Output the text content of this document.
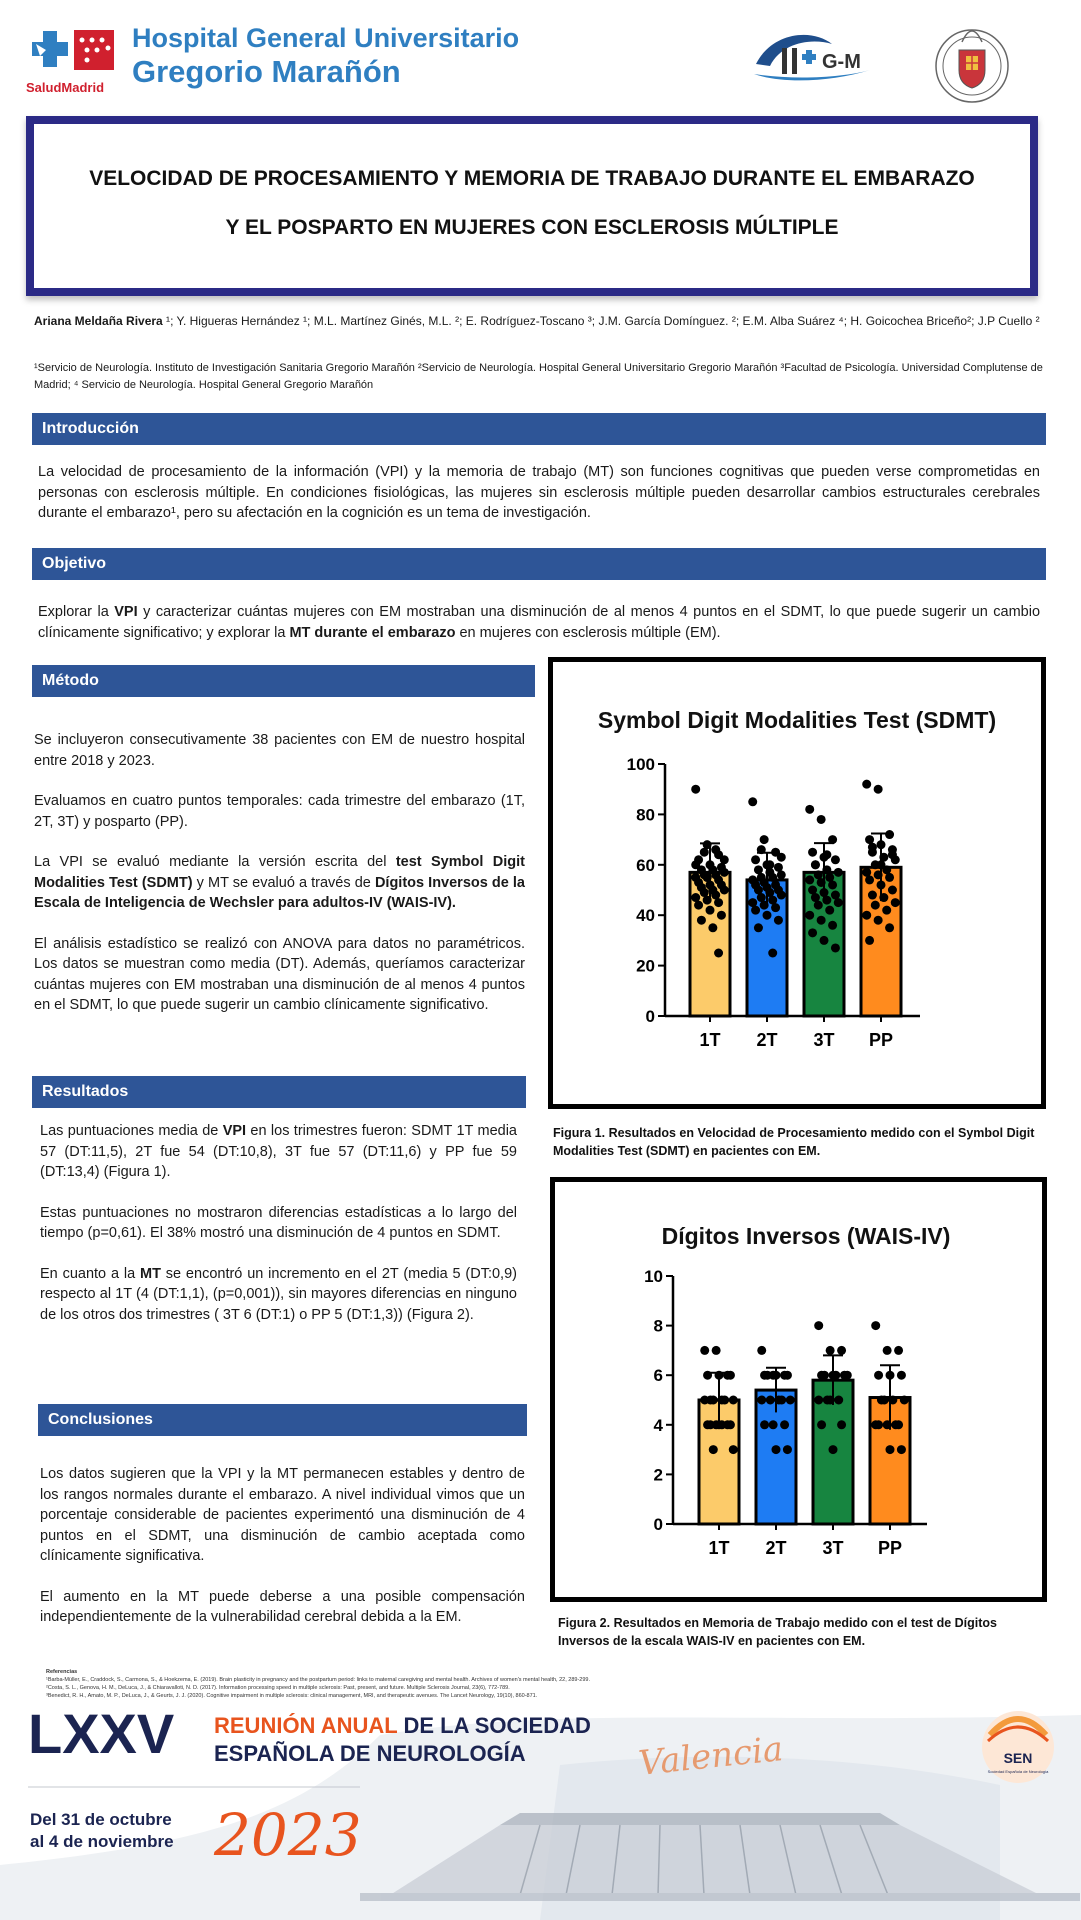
SaludMadrid
Hospital General Universitario
Gregorio Marañón	G-M
VELOCIDAD DE PROCESAMIENTO Y MEMORIA DE TRABAJO DURANTE EL EMBARAZO
Y EL POSPARTO EN MUJERES CON ESCLEROSIS MÚLTIPLE
Ariana Meldaña Rivera ¹; Y. Higueras Hernández ¹; M.L. Martínez Ginés, M.L. ²; E. Rodríguez-Toscano ³; J.M. García Domínguez. ²; E.M. Alba Suárez ⁴; H. Goicochea Briceño²; J.P Cuello ²
¹Servicio de Neurología. Instituto de Investigación Sanitaria Gregorio Marañón ²Servicio de Neurología. Hospital General Universitario Gregorio Marañón ³Facultad de Psicología. Universidad Complutense de Madrid; ⁴ Servicio de Neurología. Hospital General Gregorio Marañón
Introducción
La velocidad de procesamiento de la información (VPI) y la memoria de trabajo (MT) son funciones cognitivas que pueden verse comprometidas en personas con esclerosis múltiple. En condiciones fisiológicas, las mujeres sin esclerosis múltiple pueden desarrollar cambios estructurales cerebrales durante el embarazo¹, pero su afectación en la cognición es un tema de investigación.
Objetivo
Explorar la VPI y caracterizar cuántas mujeres con EM mostraban una disminución de al menos 4 puntos en el SDMT, lo que puede sugerir un cambio clínicamente significativo; y explorar la MT durante el embarazo en mujeres con esclerosis múltiple (EM).
Método
Se incluyeron consecutivamente 38 pacientes con EM de nuestro hospital entre 2018 y 2023.
Evaluamos en cuatro puntos temporales: cada trimestre del embarazo (1T, 2T, 3T) y posparto (PP).
La VPI se evaluó mediante la versión escrita del test Symbol Digit Modalities Test (SDMT) y MT se evaluó a través de Dígitos Inversos de la Escala de Inteligencia de Wechsler para adultos-IV (WAIS-IV).
El análisis estadístico se realizó con ANOVA para datos no paramétricos. Los datos se muestran como media (DT). Además, queríamos caracterizar cuántas mujeres con EM mostraban una disminución de al menos 4 puntos en el SDMT, lo que puede sugerir un cambio clínicamente significativo.
Resultados
Las puntuaciones media de VPI en los trimestres fueron: SDMT 1T media 57 (DT:11,5), 2T fue 54 (DT:10,8), 3T fue 57 (DT:11,6) y PP fue 59 (DT:13,4) (Figura 1).
Estas puntuaciones no mostraron diferencias estadísticas a lo largo del tiempo (p=0,61). El 38% mostró una disminución de 4 puntos en SDMT.
En cuanto a la MT se encontró un incremento en el 2T (media 5 (DT:0,9) respecto al 1T (4 (DT:1,1), (p=0,001)), sin mayores diferencias en ninguno de los otros dos trimestres ( 3T 6 (DT:1) o PP 5 (DT:1,3)) (Figura 2).
Conclusiones
Los datos sugieren que la VPI y la MT permanecen estables y dentro de los rangos normales durante el embarazo. A nivel individual vimos que un porcentaje considerable de pacientes experimentó una disminución de 4 puntos en el SDMT, una disminución de cambio aceptada como clínicamente significativa.
El aumento en la MT puede deberse a una posible compensación independientemente de la vulnerabilidad cerebral debida a la EM.
Symbol Digit Modalities Test (SDMT)
0
20
40
60
80
100
1T 2T 3T PP
Figura 1. Resultados en Velocidad de Procesamiento medido con el Symbol Digit Modalities Test (SDMT) en pacientes con EM.
Dígitos Inversos (WAIS-IV)
0
2
4
6
8
10
1T 2T 3T PP
Figura 2. Resultados en Memoria de Trabajo medido con el test de Dígitos Inversos de la escala WAIS-IV en pacientes con EM.
Referencias
¹Barba-Müller, E., Craddock, S., Carmona, S., & Hoekzema, E. (2019). Brain plasticity in pregnancy and the postpartum period: links to maternal caregiving and mental health. Archives of women's mental health, 22, 289-299.
²Costa, S. L., Genova, H. M., DeLuca, J., & Chiaravalloti, N. D. (2017). Information processing speed in multiple sclerosis: Past, present, and future. Multiple Sclerosis Journal, 23(6), 772-789.
³Benedict, R. H., Amato, M. P., DeLuca, J., & Geurts, J. J. (2020). Cognitive impairment in multiple sclerosis: clinical management, MRI, and therapeutic avenues. The Lancet Neurology, 19(10), 860-871.
LXXV REUNIÓN ANUAL DE LA SOCIEDAD
ESPAÑOLA DE NEUROLOGÍA	Valencia
Del 31 de octubre
al 4 de noviembre 2023
SEN
Sociedad Española de Neurología
